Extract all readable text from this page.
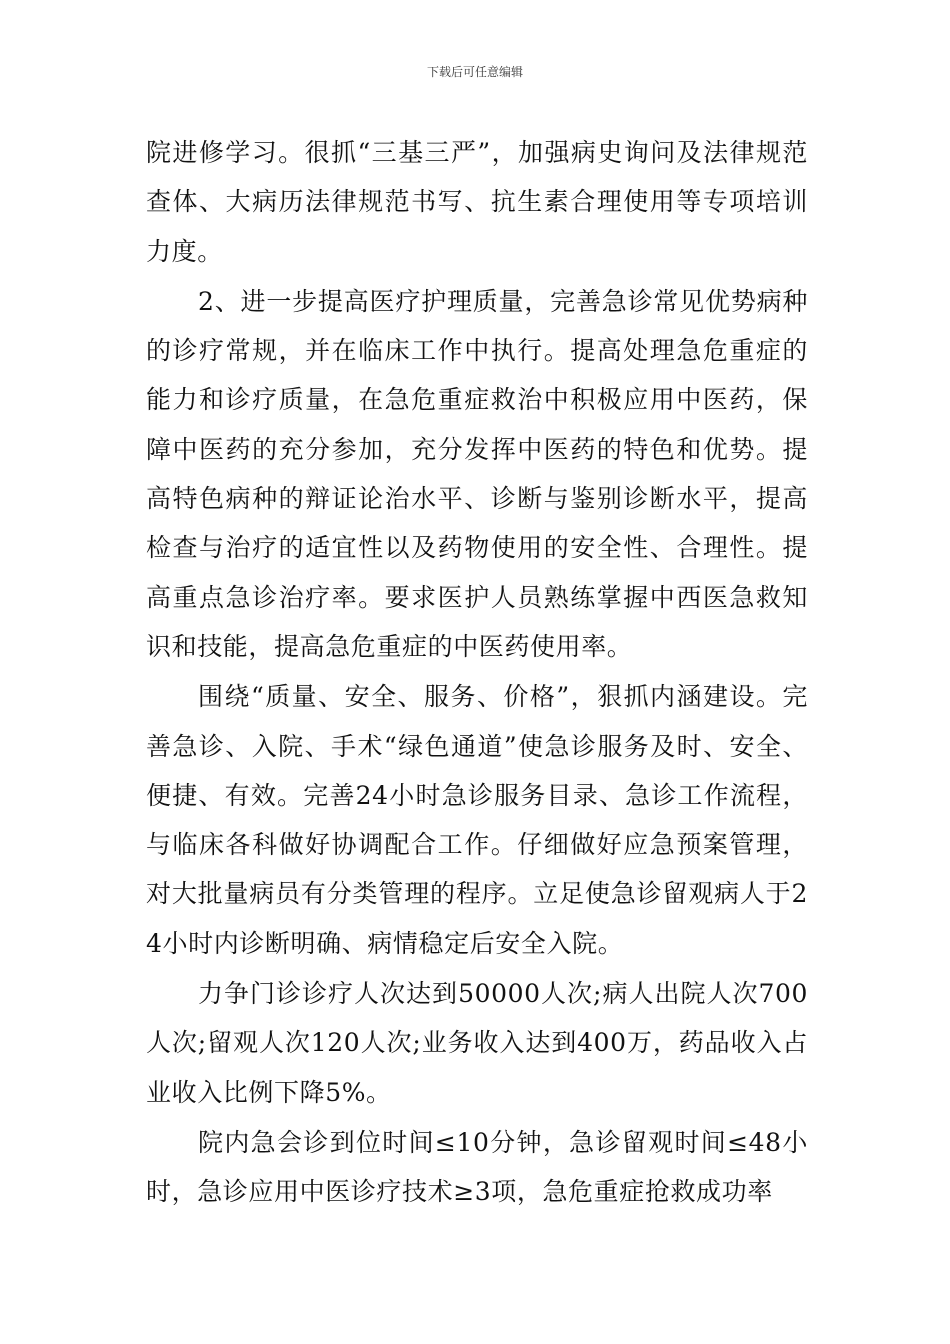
下载后可任意编辑

院进修学习。很抓“三基三严”，加强病史询问及法律规范查体、大病历法律规范书写、抗生素合理使用等专项培训力度。

2、进一步提高医疗护理质量，完善急诊常见优势病种的诊疗常规，并在临床工作中执行。提高处理急危重症的能力和诊疗质量，在急危重症救治中积极应用中医药，保障中医药的充分参加，充分发挥中医药的特色和优势。提高特色病种的辩证论治水平、诊断与鉴别诊断水平，提高检查与治疗的适宜性以及药物使用的安全性、合理性。提高重点急诊治疗率。要求医护人员熟练掌握中西医急救知识和技能，提高急危重症的中医药使用率。

围绕“质量、安全、服务、价格”，狠抓内涵建设。完善急诊、入院、手术“绿色通道”使急诊服务及时、安全、便捷、有效。完善24小时急诊服务目录、急诊工作流程，与临床各科做好协调配合工作。仔细做好应急预案管理，对大批量病员有分类管理的程序。立足使急诊留观病人于24小时内诊断明确、病情稳定后安全入院。

力争门诊诊疗人次达到50000人次;病人出院人次700人次;留观人次120人次;业务收入达到400万，药品收入占业收入比例下降5%。

院内急会诊到位时间≤10分钟，急诊留观时间≤48小时，急诊应用中医诊疗技术≥3项，急危重症抢救成功率
